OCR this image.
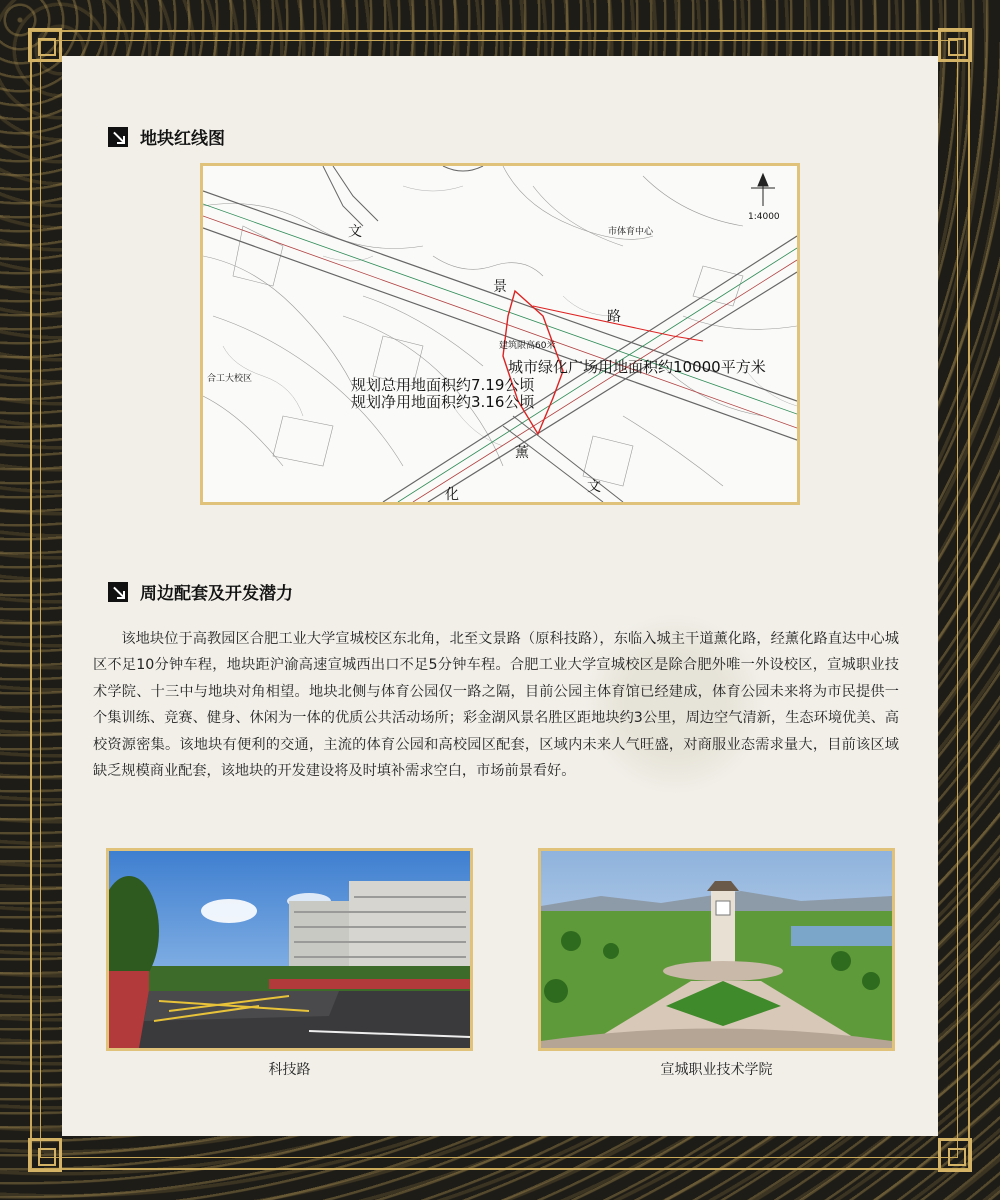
地块红线图
文
景
路
薰
化	文
市体育中心
1:4000
建筑限高60米
合工大校区
城市绿化广场用地面积约10000平方米
规划总用地面积约7.19公顷
规划净用地面积约3.16公顷
周边配套及开发潜力

该地块位于高教园区合肥工业大学宣城校区东北角，北至文景路（原科技路），东临入城主干道薰化路，经薰化路直达中心城区不足10分钟车程，地块距沪渝高速宣城西出口不足5分钟车程。合肥工业大学宣城校区是除合肥外唯一外设校区，宣城职业技术学院、十三中与地块对角相望。地块北侧与体育公园仅一路之隔，目前公园主体育馆已经建成，体育公园未来将为市民提供一个集训练、竞赛、健身、休闲为一体的优质公共活动场所；彩金湖风景名胜区距地块约3公里，周边空气清新，生态环境优美、高校资源密集。该地块有便利的交通，主流的体育公园和高校园区配套，区域内未来人气旺盛，对商服业态需求量大，目前该区域缺乏规模商业配套，该地块的开发建设将及时填补需求空白，市场前景看好。

科技路	宣城职业技术学院
